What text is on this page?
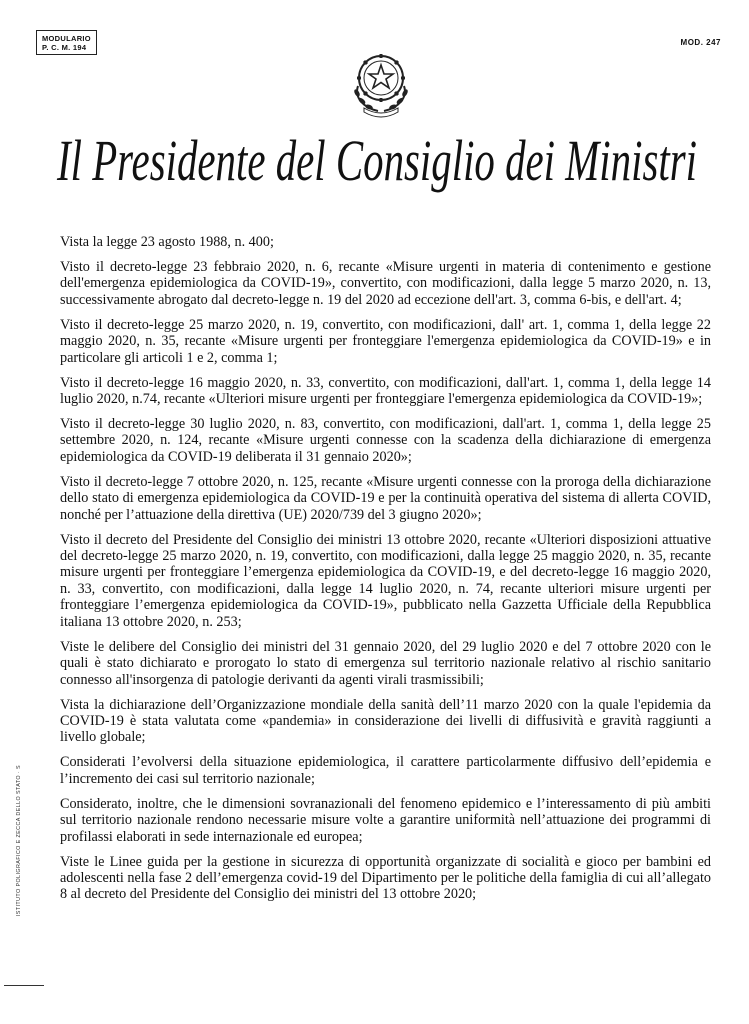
MODULARIO
P. C. M. 194
MOD. 247
Il Presidente del Consiglio dei Ministri

Vista la legge 23 agosto 1988, n. 400;

Visto il decreto-legge 23 febbraio 2020, n. 6, recante «Misure urgenti in materia di contenimento e gestione dell'emergenza epidemiologica da COVID-19», convertito, con modificazioni, dalla legge 5 marzo 2020, n. 13, successivamente abrogato dal decreto-legge n. 19 del 2020 ad eccezione dell'art. 3, comma 6-bis, e dell'art. 4;

Visto il decreto-legge 25 marzo 2020, n. 19, convertito, con modificazioni, dall' art. 1, comma 1, della legge 22 maggio 2020, n. 35, recante «Misure urgenti per fronteggiare l'emergenza epidemiologica da COVID-19» e in particolare gli articoli 1 e 2, comma 1;

Visto il decreto-legge 16 maggio 2020, n. 33, convertito, con modificazioni, dall'art. 1, comma 1, della legge 14 luglio 2020, n.74, recante «Ulteriori misure urgenti per fronteggiare l'emergenza epidemiologica da COVID-19»;

Visto il decreto-legge 30 luglio 2020, n. 83, convertito, con modificazioni, dall'art. 1, comma 1, della legge 25 settembre 2020, n. 124, recante «Misure urgenti connesse con la scadenza della dichiarazione di emergenza epidemiologica da COVID-19 deliberata il 31 gennaio 2020»;

Visto il decreto-legge 7 ottobre 2020, n. 125, recante «Misure urgenti connesse con la proroga della dichiarazione dello stato di emergenza epidemiologica da COVID-19 e per la continuità operativa del sistema di allerta COVID, nonché per l’attuazione della direttiva (UE) 2020/739 del 3 giugno 2020»;

Visto il decreto del Presidente del Consiglio dei ministri 13 ottobre 2020, recante «Ulteriori disposizioni attuative del decreto-legge 25 marzo 2020, n. 19, convertito, con modificazioni, dalla legge 25 maggio 2020, n. 35, recante misure urgenti per fronteggiare l’emergenza epidemiologica da COVID-19, e del decreto-legge 16 maggio 2020, n. 33, convertito, con modificazioni, dalla legge 14 luglio 2020, n. 74, recante ulteriori misure urgenti per fronteggiare l’emergenza epidemiologica da COVID-19», pubblicato nella Gazzetta Ufficiale della Repubblica italiana 13 ottobre 2020, n. 253;

Viste le delibere del Consiglio dei ministri del 31 gennaio 2020, del 29 luglio 2020 e del 7 ottobre 2020 con le quali è stato dichiarato e prorogato lo stato di emergenza sul territorio nazionale relativo al rischio sanitario connesso all'insorgenza di patologie derivanti da agenti virali trasmissibili;

Vista la dichiarazione dell’Organizzazione mondiale della sanità dell’11 marzo 2020 con la quale l'epidemia da COVID-19 è stata valutata come «pandemia» in considerazione dei livelli di diffusività e gravità raggiunti a livello globale;

Considerati l’evolversi della situazione epidemiologica, il carattere particolarmente diffusivo dell’epidemia e l’incremento dei casi sul territorio nazionale;

Considerato, inoltre, che le dimensioni sovranazionali del fenomeno epidemico e l’interessamento di più ambiti sul territorio nazionale rendono necessarie misure volte a garantire uniformità nell’attuazione dei programmi di profilassi elaborati in sede internazionale ed europea;

Viste le Linee guida per la gestione in sicurezza di opportunità organizzate di socialità e gioco per bambini ed adolescenti nella fase 2 dell’emergenza covid-19 del Dipartimento per le politiche della famiglia di cui all’allegato 8 al decreto del Presidente del Consiglio dei ministri del 13 ottobre 2020;

ISTITUTO POLIGRAFICO E ZECCA DELLO STATO · S
